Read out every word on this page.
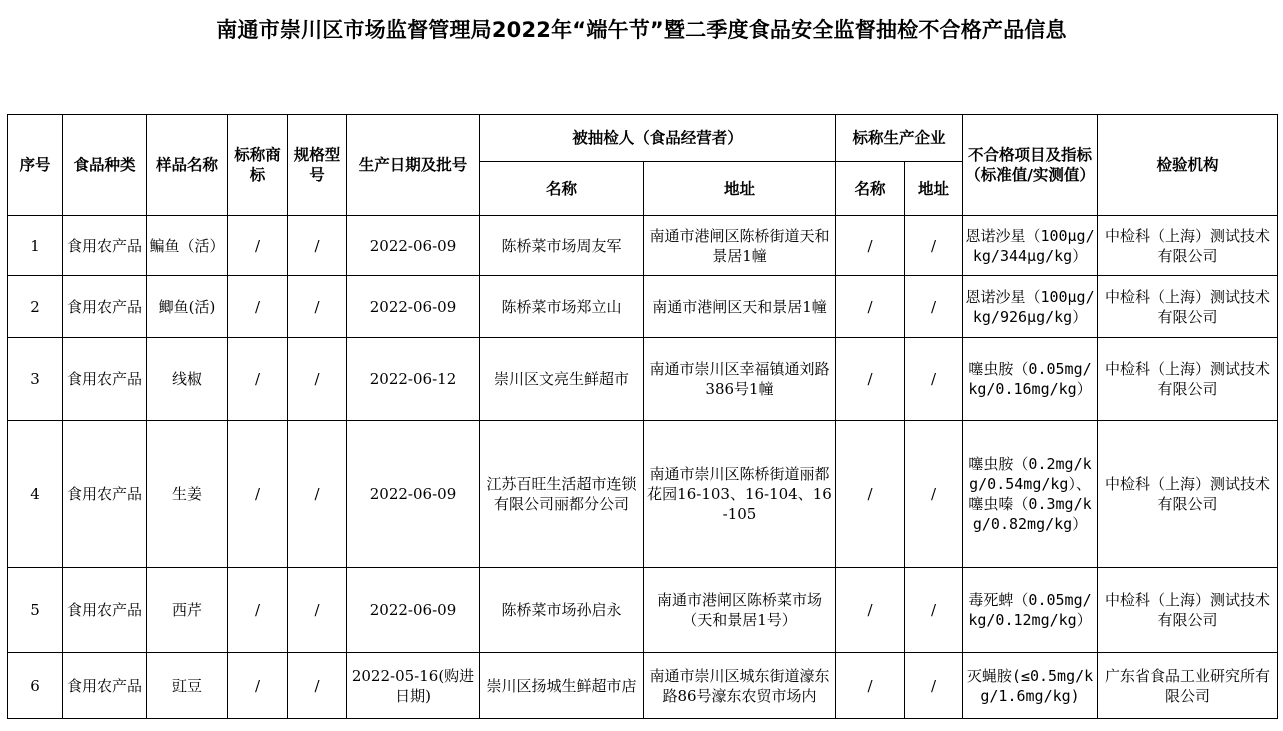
南通市崇川区市场监督管理局2022年“端午节”暨二季度食品安全监督抽检不合格产品信息
序号	食品种类	样品名称	标称商标	规格型号	生产日期及批号	被抽检人（食品经营者）		标称生产企业		不合格项目及指标（标准值/实测值）	检验机构
						名称	地址	名称	地址		
1	食用农产品	鳊鱼（活）	/	/	2022-06-09	陈桥菜市场周友军	南通市港闸区陈桥街道天和景居1幢	/	/	恩诺沙星（100μg/kg/344μg/kg）	中检科（上海）测试技术有限公司
2	食用农产品	鲫鱼(活)	/	/	2022-06-09	陈桥菜市场郑立山	南通市港闸区天和景居1幢	/	/	恩诺沙星（100μg/kg/926μg/kg）	中检科（上海）测试技术有限公司
3	食用农产品	线椒	/	/	2022-06-12	崇川区文亮生鲜超市	南通市崇川区幸福镇通刘路386号1幢	/	/	噻虫胺（0.05mg/kg/0.16mg/kg）	中检科（上海）测试技术有限公司
4	食用农产品	生姜	/	/	2022-06-09	江苏百旺生活超市连锁有限公司丽都分公司	南通市崇川区陈桥街道丽都花园16-103、16-104、16-105	/	/	噻虫胺（0.2mg/kg/0.54mg/kg）、噻虫嗪（0.3mg/kg/0.82mg/kg）	中检科（上海）测试技术有限公司
5	食用农产品	西芹	/	/	2022-06-09	陈桥菜市场孙启永	南通市港闸区陈桥菜市场（天和景居1号）	/	/	毒死蜱（0.05mg/kg/0.12mg/kg）	中检科（上海）测试技术有限公司
6	食用农产品	豇豆	/	/	2022-05-16(购进日期)	崇川区扬城生鲜超市店	南通市崇川区城东街道濠东路86号濠东农贸市场内	/	/	灭蝇胺(≤0.5mg/kg/1.6mg/kg)	广东省食品工业研究所有限公司
